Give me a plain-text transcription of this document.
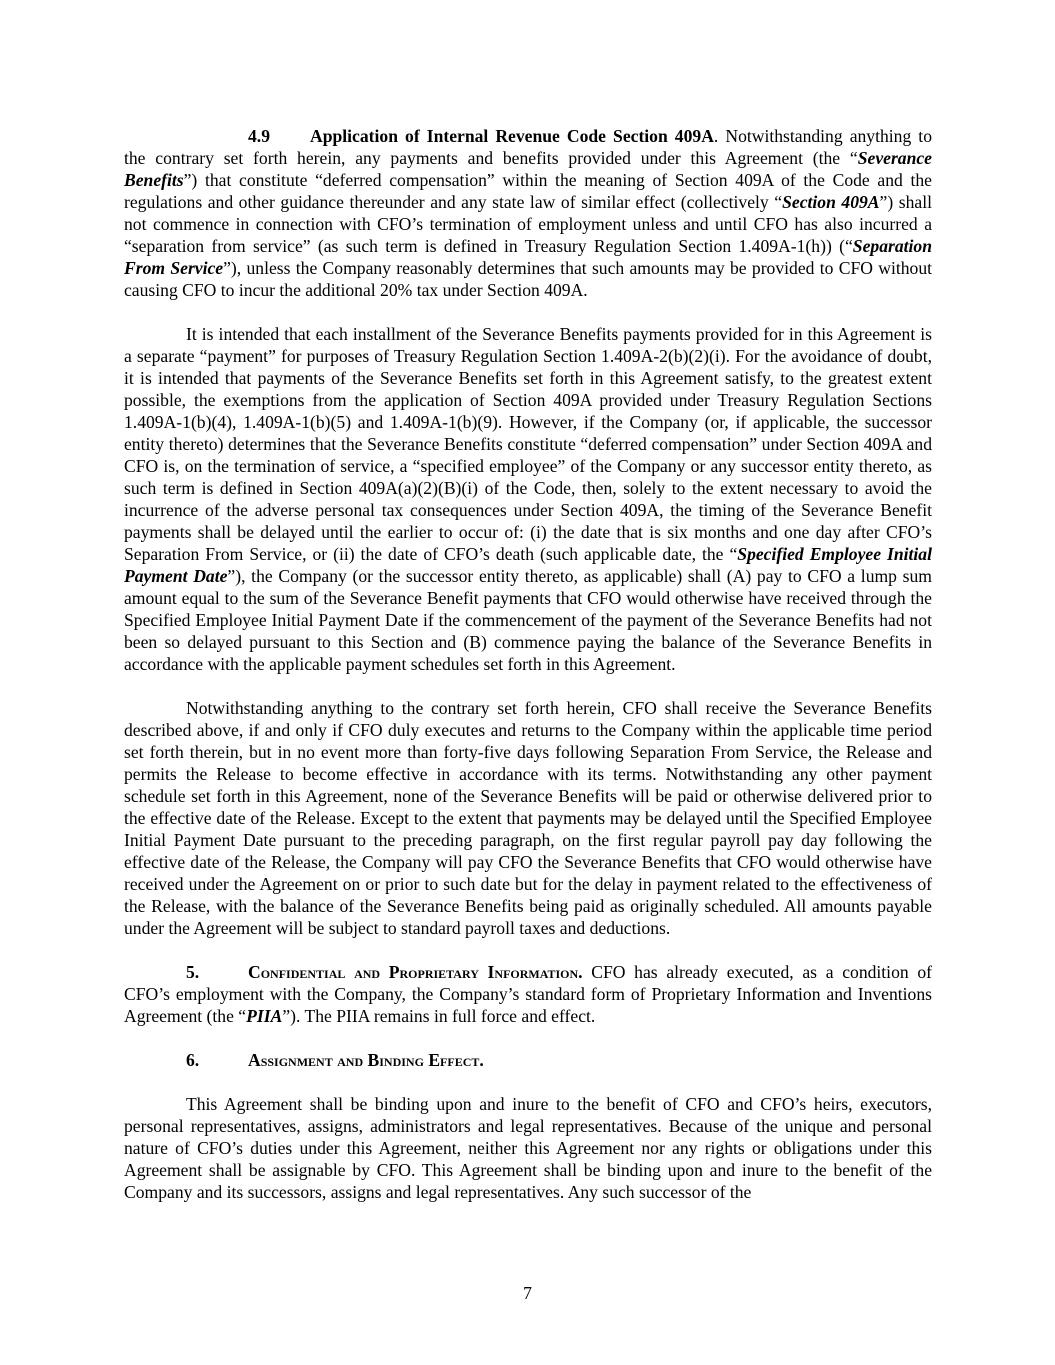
4.9 Application of Internal Revenue Code Section 409A. Notwithstanding anything to the contrary set forth herein, any payments and benefits provided under this Agreement (the “Severance Benefits”) that constitute “deferred compensation” within the meaning of Section 409A of the Code and the regulations and other guidance thereunder and any state law of similar effect (collectively “Section 409A”) shall not commence in connection with CFO’s termination of employment unless and until CFO has also incurred a “separation from service” (as such term is defined in Treasury Regulation Section 1.409A-1(h)) (“Separation From Service”), unless the Company reasonably determines that such amounts may be provided to CFO without causing CFO to incur the additional 20% tax under Section 409A.

It is intended that each installment of the Severance Benefits payments provided for in this Agreement is a separate “payment” for purposes of Treasury Regulation Section 1.409A-2(b)(2)(i). For the avoidance of doubt, it is intended that payments of the Severance Benefits set forth in this Agreement satisfy, to the greatest extent possible, the exemptions from the application of Section 409A provided under Treasury Regulation Sections 1.409A-1(b)(4), 1.409A-1(b)(5) and 1.409A-1(b)(9). However, if the Company (or, if applicable, the successor entity thereto) determines that the Severance Benefits constitute “deferred compensation” under Section 409A and CFO is, on the termination of service, a “specified employee” of the Company or any successor entity thereto, as such term is defined in Section 409A(a)(2)(B)(i) of the Code, then, solely to the extent necessary to avoid the incurrence of the adverse personal tax consequences under Section 409A, the timing of the Severance Benefit payments shall be delayed until the earlier to occur of: (i) the date that is six months and one day after CFO’s Separation From Service, or (ii) the date of CFO’s death (such applicable date, the “Specified Employee Initial Payment Date”), the Company (or the successor entity thereto, as applicable) shall (A) pay to CFO a lump sum amount equal to the sum of the Severance Benefit payments that CFO would otherwise have received through the Specified Employee Initial Payment Date if the commencement of the payment of the Severance Benefits had not been so delayed pursuant to this Section and (B) commence paying the balance of the Severance Benefits in accordance with the applicable payment schedules set forth in this Agreement.

Notwithstanding anything to the contrary set forth herein, CFO shall receive the Severance Benefits described above, if and only if CFO duly executes and returns to the Company within the applicable time period set forth therein, but in no event more than forty-five days following Separation From Service, the Release and permits the Release to become effective in accordance with its terms. Notwithstanding any other payment schedule set forth in this Agreement, none of the Severance Benefits will be paid or otherwise delivered prior to the effective date of the Release. Except to the extent that payments may be delayed until the Specified Employee Initial Payment Date pursuant to the preceding paragraph, on the first regular payroll pay day following the effective date of the Release, the Company will pay CFO the Severance Benefits that CFO would otherwise have received under the Agreement on or prior to such date but for the delay in payment related to the effectiveness of the Release, with the balance of the Severance Benefits being paid as originally scheduled. All amounts payable under the Agreement will be subject to standard payroll taxes and deductions.

5.	Confidential and Proprietary Information. CFO has already executed, as a condition of CFO’s employment with the Company, the Company’s standard form of Proprietary Information and Inventions Agreement (the “PIIA”). The PIIA remains in full force and effect.

6.	Assignment and Binding Effect.

This Agreement shall be binding upon and inure to the benefit of CFO and CFO’s heirs, executors, personal representatives, assigns, administrators and legal representatives. Because of the unique and personal nature of CFO’s duties under this Agreement, neither this Agreement nor any rights or obligations under this Agreement shall be assignable by CFO. This Agreement shall be binding upon and inure to the benefit of the Company and its successors, assigns and legal representatives. Any such successor of the

7
